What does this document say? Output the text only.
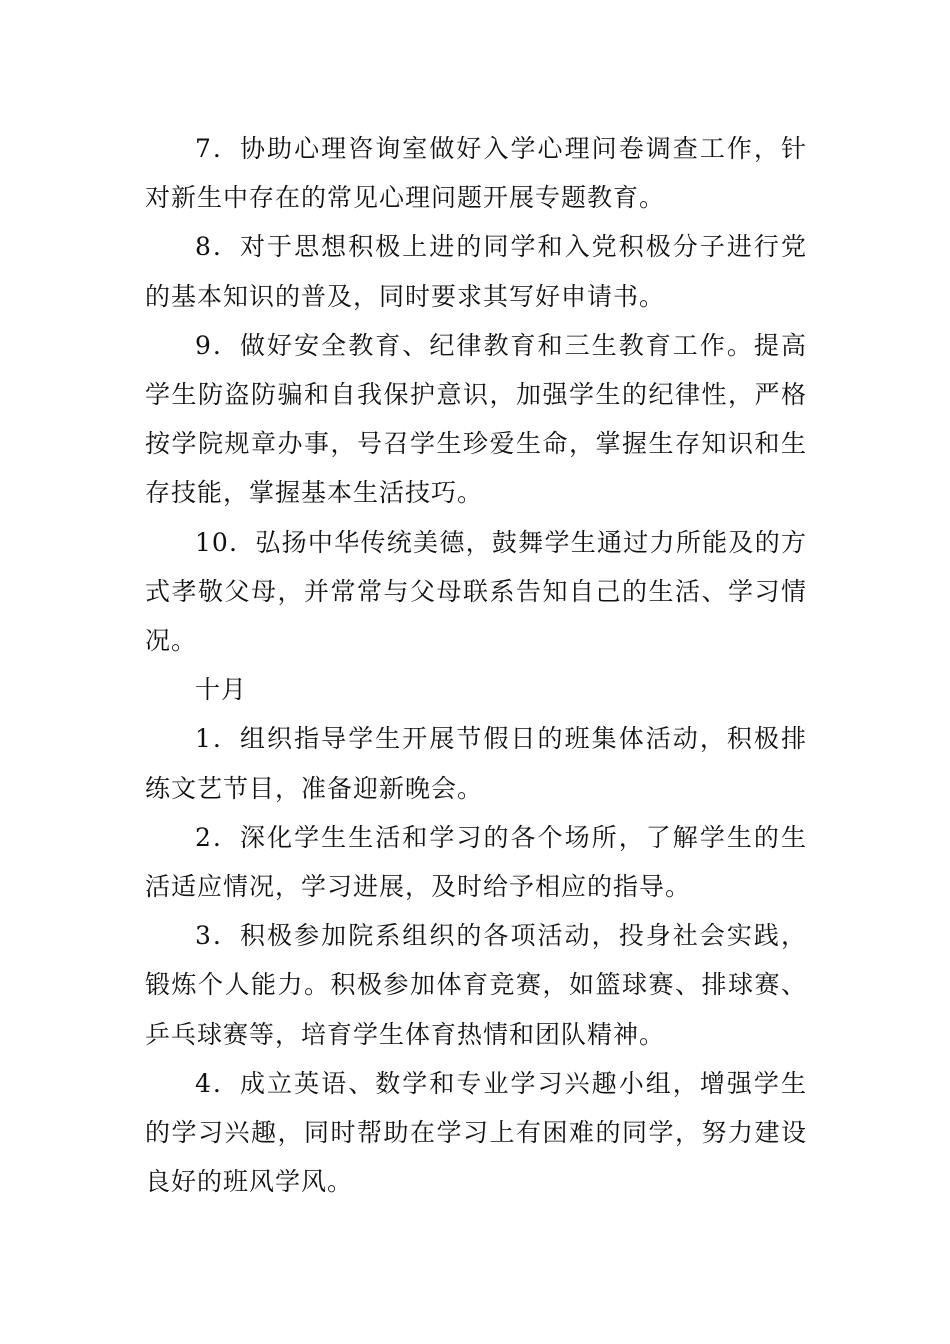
7．协助心理咨询室做好入学心理问卷调查工作，针对新生中存在的常见心理问题开展专题教育。

8．对于思想积极上进的同学和入党积极分子进行党的基本知识的普及，同时要求其写好申请书。

9．做好安全教育、纪律教育和三生教育工作。提高学生防盗防骗和自我保护意识，加强学生的纪律性，严格按学院规章办事，号召学生珍爱生命，掌握生存知识和生存技能，掌握基本生活技巧。

10．弘扬中华传统美德，鼓舞学生通过力所能及的方式孝敬父母，并常常与父母联系告知自己的生活、学习情况。

十月

1．组织指导学生开展节假日的班集体活动，积极排练文艺节目，准备迎新晚会。

2．深化学生生活和学习的各个场所，了解学生的生活适应情况，学习进展，及时给予相应的指导。

3．积极参加院系组织的各项活动，投身社会实践，锻炼个人能力。积极参加体育竞赛，如篮球赛、排球赛、乒乓球赛等，培育学生体育热情和团队精神。

4．成立英语、数学和专业学习兴趣小组，增强学生的学习兴趣，同时帮助在学习上有困难的同学，努力建设良好的班风学风。
